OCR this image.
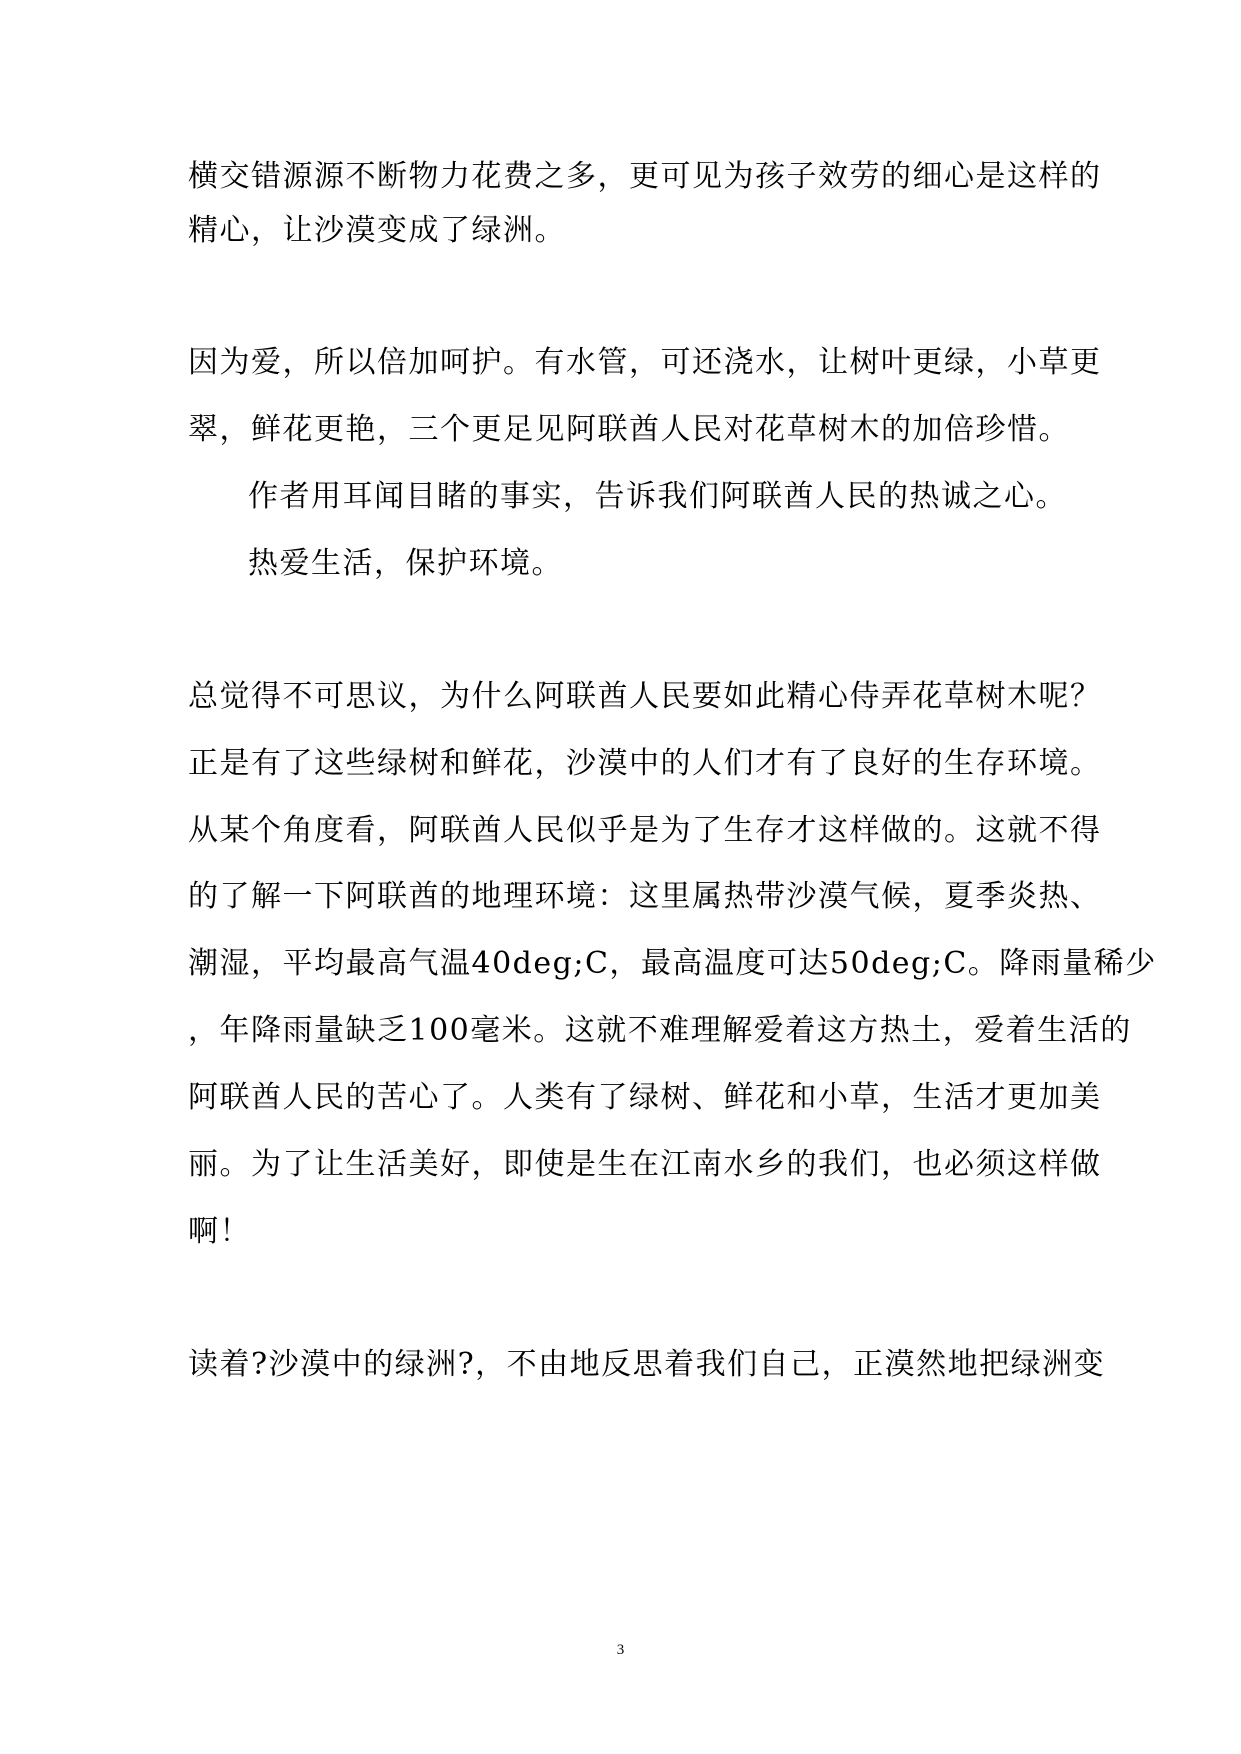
横交错源源不断物力花费之多，更可见为孩子效劳的细心是这样的
精心，让沙漠变成了绿洲。
因为爱，所以倍加呵护。有水管，可还浇水，让树叶更绿，小草更
翠，鲜花更艳，三个更足见阿联酋人民对花草树木的加倍珍惜。
作者用耳闻目睹的事实，告诉我们阿联酋人民的热诚之心。
热爱生活，保护环境。
总觉得不可思议，为什么阿联酋人民要如此精心侍弄花草树木呢？
正是有了这些绿树和鲜花，沙漠中的人们才有了良好的生存环境。
从某个角度看，阿联酋人民似乎是为了生存才这样做的。这就不得
的了解一下阿联酋的地理环境：这里属热带沙漠气候，夏季炎热、
潮湿，平均最高气温40deg;C，最高温度可达50deg;C。降雨量稀少
，年降雨量缺乏100毫米。这就不难理解爱着这方热土，爱着生活的
阿联酋人民的苦心了。人类有了绿树、鲜花和小草，生活才更加美
丽。为了让生活美好，即使是生在江南水乡的我们，也必须这样做
啊！
读着?沙漠中的绿洲?，不由地反思着我们自己，正漠然地把绿洲变
3
